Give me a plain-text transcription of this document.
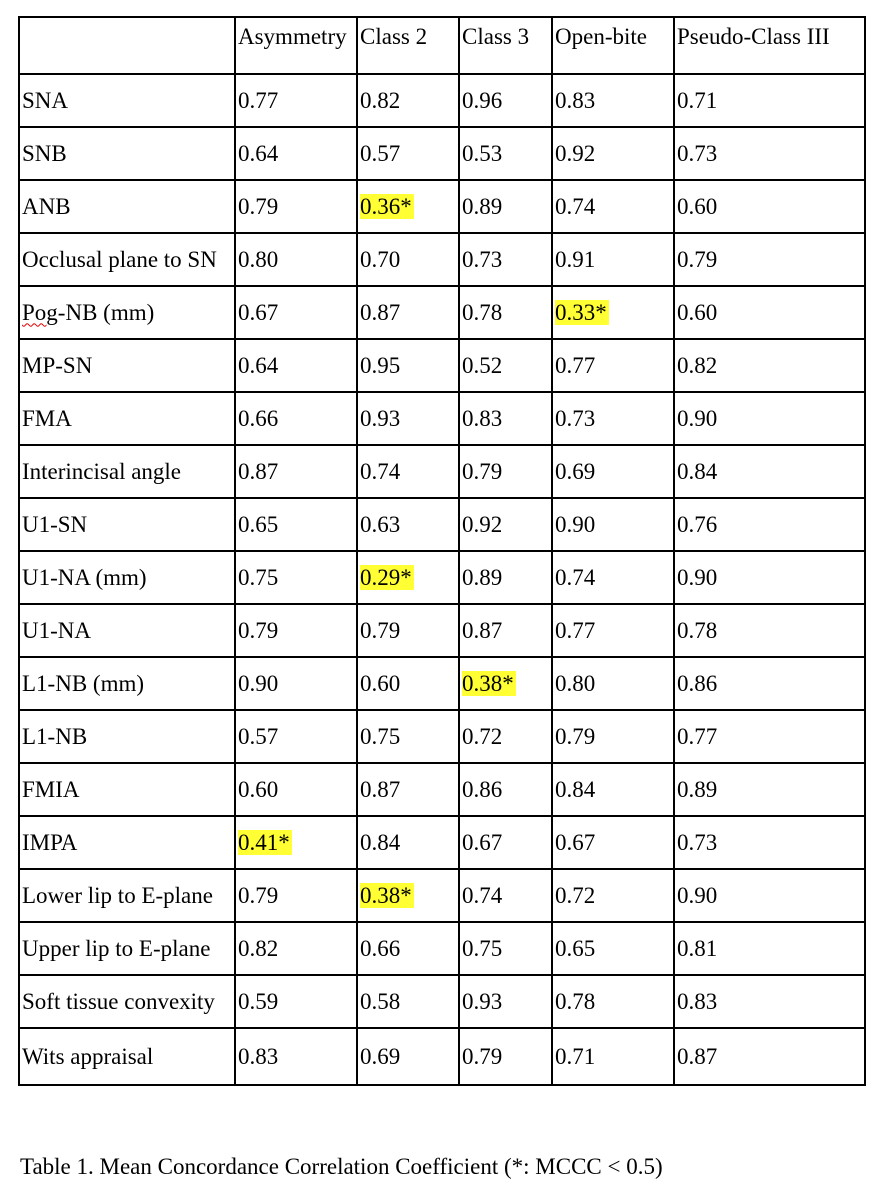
	Asymmetry	Class 2	Class 3	Open-bite	Pseudo-Class III
SNA	0.77	0.82	0.96	0.83	0.71
SNB	0.64	0.57	0.53	0.92	0.73
ANB	0.79	0.36*	0.89	0.74	0.60
Occlusal plane to SN	0.80	0.70	0.73	0.91	0.79
Pog-NB (mm)	0.67	0.87	0.78	0.33*	0.60
MP-SN	0.64	0.95	0.52	0.77	0.82
FMA	0.66	0.93	0.83	0.73	0.90
Interincisal angle	0.87	0.74	0.79	0.69	0.84
U1-SN	0.65	0.63	0.92	0.90	0.76
U1-NA (mm)	0.75	0.29*	0.89	0.74	0.90
U1-NA	0.79	0.79	0.87	0.77	0.78
L1-NB (mm)	0.90	0.60	0.38*	0.80	0.86
L1-NB	0.57	0.75	0.72	0.79	0.77
FMIA	0.60	0.87	0.86	0.84	0.89
IMPA	0.41*	0.84	0.67	0.67	0.73
Lower lip to E-plane	0.79	0.38*	0.74	0.72	0.90
Upper lip to E-plane	0.82	0.66	0.75	0.65	0.81
Soft tissue convexity	0.59	0.58	0.93	0.78	0.83
Wits appraisal	0.83	0.69	0.79	0.71	0.87
Table 1. Mean Concordance Correlation Coefficient (*: MCCC < 0.5)
